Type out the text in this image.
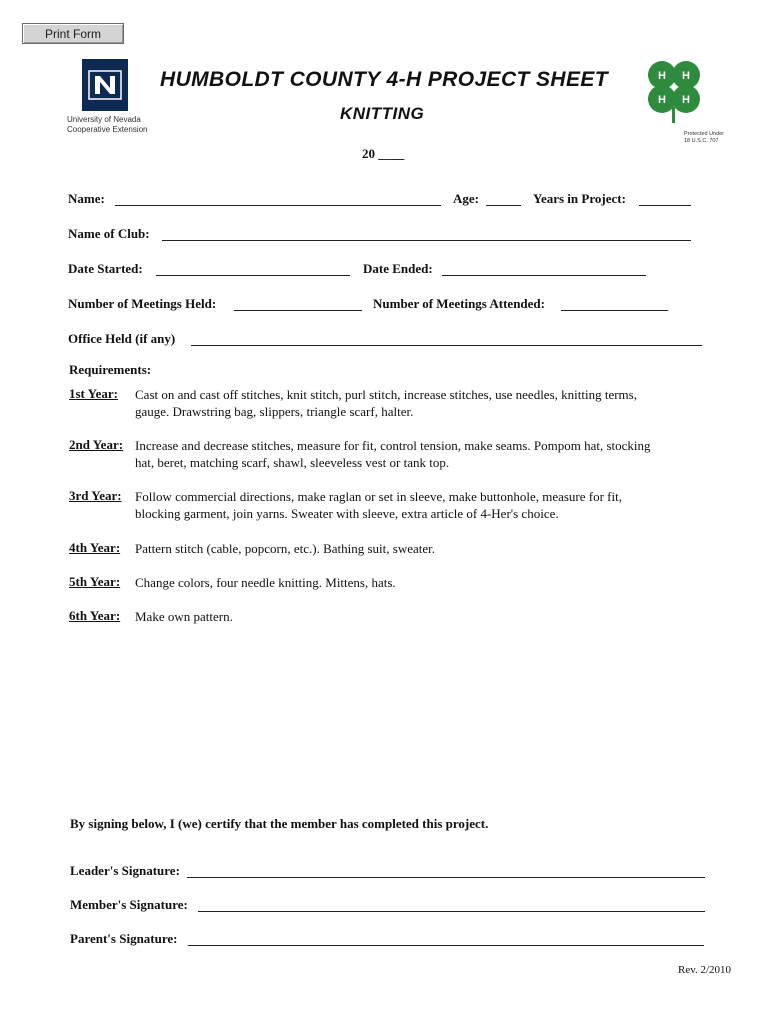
Print Form
University of Nevada
Cooperative Extension
HUMBOLDT COUNTY 4-H PROJECT SHEET
KNITTING
H H
H H
Protected Under
18 U.S.C. 707
20 ____
Name:	Age:	Years in Project:
Name of Club:
Date Started:	Date Ended:
Number of Meetings Held:	Number of Meetings Attended:
Office Held (if any)
Requirements:
1st Year: Cast on and cast off stitches, knit stitch, purl stitch, increase stitches, use needles, knitting terms,
gauge. Drawstring bag, slippers, triangle scarf, halter.
2nd Year: Increase and decrease stitches, measure for fit, control tension, make seams. Pompom hat, stocking
hat, beret, matching scarf, shawl, sleeveless vest or tank top.
3rd Year: Follow commercial directions, make raglan or set in sleeve, make buttonhole, measure for fit,
blocking garment, join yarns. Sweater with sleeve, extra article of 4-Her's choice.
4th Year: Pattern stitch (cable, popcorn, etc.). Bathing suit, sweater.
5th Year: Change colors, four needle knitting. Mittens, hats.
6th Year: Make own pattern.
By signing below, I (we) certify that the member has completed this project.
Leader's Signature:
Member's Signature:
Parent's Signature:
Rev. 2/2010
